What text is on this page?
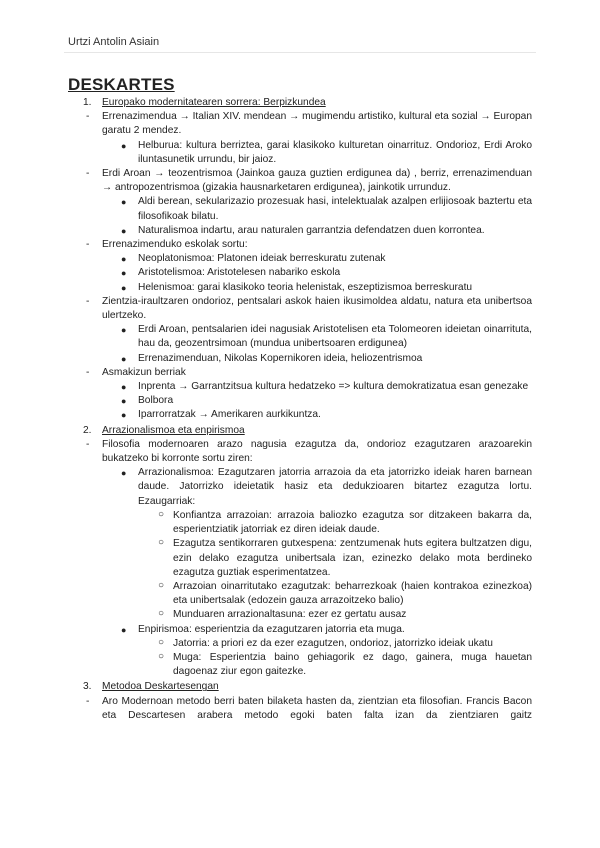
Urtzi Antolin Asiain
DESKARTES
1. Europako modernitatearen sorrera: Berpizkundea
- Errenazimendua → Italian XIV. mendean → mugimendu artistiko, kultural eta sozial → Europan garatu 2 mendez.
● Helburua: kultura berriztea, garai klasikoko kulturetan oinarrituz. Ondorioz, Erdi Aroko iluntasunetik urrundu, bir jaioz.
- Erdi Aroan → teozentrismoa (Jainkoa gauza guztien erdigunea da) , berriz, errenazimenduan → antropozentrismoa (gizakia hausnarketaren erdigunea), jainkotik urrunduz.
● Aldi berean, sekularizazio prozesuak hasi, intelektualak azalpen erlijiosoak baztertu eta filosofikoak bilatu.
● Naturalismoa indartu, arau naturalen garrantzia defendatzen duen korrontea.
- Errenazimenduko eskolak sortu:
● Neoplatonismoa: Platonen ideiak berreskuratu zutenak
● Aristotelismoa: Aristotelesen nabariko eskola
● Helenismoa: garai klasikoko teoria helenistak, eszeptizismoa berreskuratu
- Zientzia-iraultzaren ondorioz, pentsalari askok haien ikusimoldea aldatu, natura eta unibertsoa ulertzeko.
● Erdi Aroan, pentsalarien idei nagusiak Aristotelisen eta Tolomeoren ideietan oinarrituta, hau da, geozentrsimoan (mundua unibertsoaren erdigunea)
● Errenazimenduan, Nikolas Kopernikoren ideia, heliozentrismoa
- Asmakizun berriak
● Inprenta → Garrantzitsua kultura hedatzeko => kultura demokratizatua esan genezake
● Bolbora
● Iparrorratzak → Amerikaren aurkikuntza.
2. Arrazionalismoa eta enpirismoa
- Filosofia modernoaren arazo nagusia ezagutza da, ondorioz ezagutzaren arazoarekin bukatzeko bi korronte sortu ziren:
● Arrazionalismoa: Ezagutzaren jatorria arrazoia da eta jatorrizko ideiak haren barnean daude. Jatorrizko ideietatik hasiz eta dedukzioaren bitartez ezagutza lortu. Ezaugarriak:
○ Konfiantza arrazoian: arrazoia baliozko ezagutza sor ditzakeen bakarra da, esperientziatik jatorriak ez diren ideiak daude.
○ Ezagutza sentikorraren gutxespena: zentzumenak huts egitera bultzatzen digu, ezin delako ezagutza unibertsala izan, ezinezko delako mota berdineko ezagutza guztiak esperimentatzea.
○ Arrazoian oinarritutako ezagutzak: beharrezkoak (haien kontrakoa ezinezkoa) eta unibertsalak (edozein gauza arrazoitzeko balio)
○ Munduaren arrazionaltasuna: ezer ez gertatu ausaz
● Enpirismoa: esperientzia da ezagutzaren jatorria eta muga.
○ Jatorria: a priori ez da ezer ezagutzen, ondorioz, jatorrizko ideiak ukatu
○ Muga: Esperientzia baino gehiagorik ez dago, gainera, muga hauetan dagoenaz ziur egon gaitezke.
3. Metodoa Deskartesengan
- Aro Modernoan metodo berri baten bilaketa hasten da, zientzian eta filosofian. Francis Bacon eta Descartesen arabera metodo egoki baten falta izan da zientziaren gaitz
